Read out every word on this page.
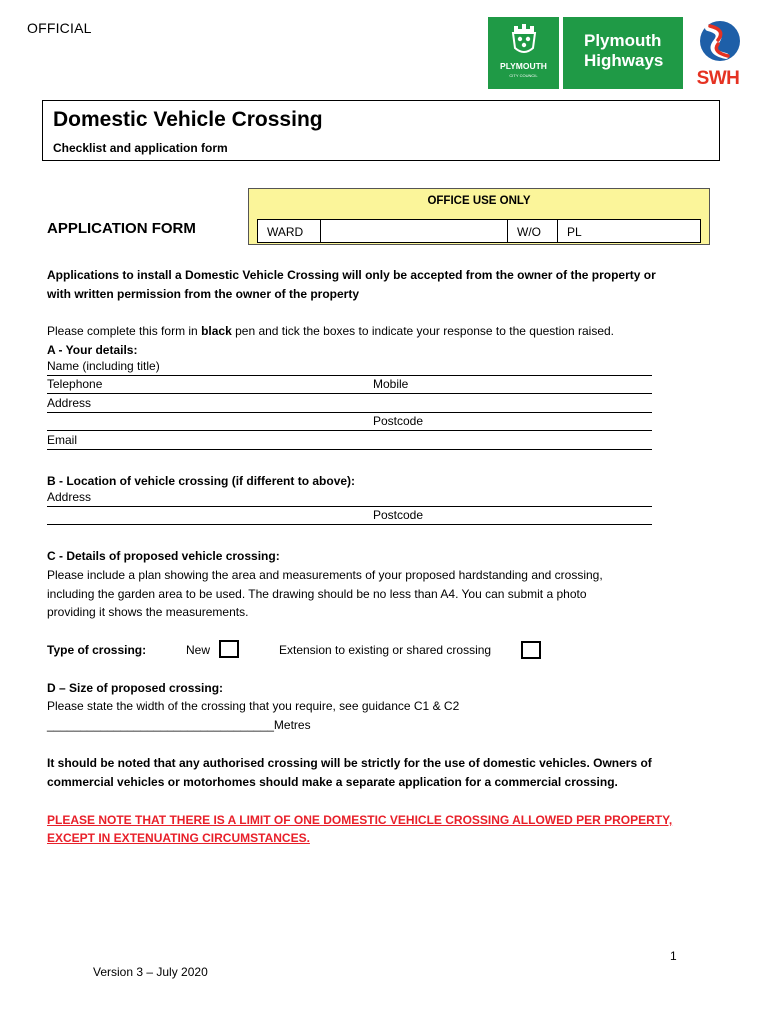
OFFICIAL
PLYMOUTH
CITY COUNCIL
Plymouth
Highways
SWH
Domestic Vehicle Crossing
Checklist and application form
OFFICE USE ONLY
WARD	W/O	PL
APPLICATION FORM
Applications to install a Domestic Vehicle Crossing will only be accepted from the owner of the property or
with written permission from the owner of the property
Please complete this form in black pen and tick the boxes to indicate your response to the question raised.
A - Your details:
Name (including title)
Telephone	Mobile
Address
Postcode
Email
B - Location of vehicle crossing (if different to above):
Address
Postcode
C - Details of proposed vehicle crossing:
Please include a plan showing the area and measurements of your proposed hardstanding and crossing,
including the garden area to be used. The drawing should be no less than A4. You can submit a photo
providing it shows the measurements.
Type of crossing:	New	Extension to existing or shared crossing
D – Size of proposed crossing:
Please state the width of the crossing that you require, see guidance C1 & C2
__________________________________Metres
It should be noted that any authorised crossing will be strictly for the use of domestic vehicles. Owners of
commercial vehicles or motorhomes should make a separate application for a commercial crossing.
PLEASE NOTE THAT THERE IS A LIMIT OF ONE DOMESTIC VEHICLE CROSSING ALLOWED PER PROPERTY,
EXCEPT IN EXTENUATING CIRCUMSTANCES.
1
Version 3 – July 2020
